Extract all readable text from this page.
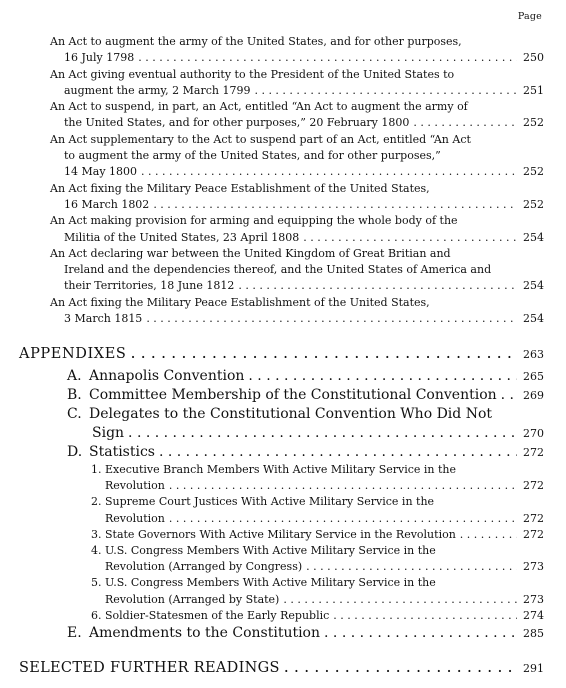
Page
An Act to augment the army of the United States, and for other purposes,
16 July 1798 . . .	250
An Act giving eventual authority to the President of the United States to
augment the army, 2 March 1799 . . .	251
An Act to suspend, in part, an Act, entitled “An Act to augment the army of
the United States, and for other purposes,” 20 February 1800 . . .	252
An Act supplementary to the Act to suspend part of an Act, entitled “An Act
to augment the army of the United States, and for other purposes,”
14 May 1800 . . .	252
An Act fixing the Military Peace Establishment of the United States,
16 March 1802 . . .	252
An Act making provision for arming and equipping the whole body of the
Militia of the United States, 23 April 1808 . . .	254
An Act declaring war between the United Kingdom of Great Britian and
Ireland and the dependencies thereof, and the United States of America and
their Territories, 18 June 1812 . . .	254
An Act fixing the Military Peace Establishment of the United States,
3 March 1815 . . .	254
APPENDIXES . . .	263
A. Annapolis Convention . . .	265
B. Committee Membership of the Constitutional Convention . . . 269
C. Delegates to the Constitutional Convention Who Did Not
Sign . . .	270
D. Statistics . . .	272
1. Executive Branch Members With Active Military Service in the
Revolution . . .	272
2. Supreme Court Justices With Active Military Service in the
Revolution . . .	272
3. State Governors With Active Military Service in the Revolution . . .	272
4. U.S. Congress Members With Active Military Service in the
Revolution (Arranged by Congress) . . .	273
5. U.S. Congress Members With Active Military Service in the
Revolution (Arranged by State) . . .	273
6. Soldier-Statesmen of the Early Republic . . .	274
E. Amendments to the Constitution . . .	285
SELECTED FURTHER READINGS . . .	291
